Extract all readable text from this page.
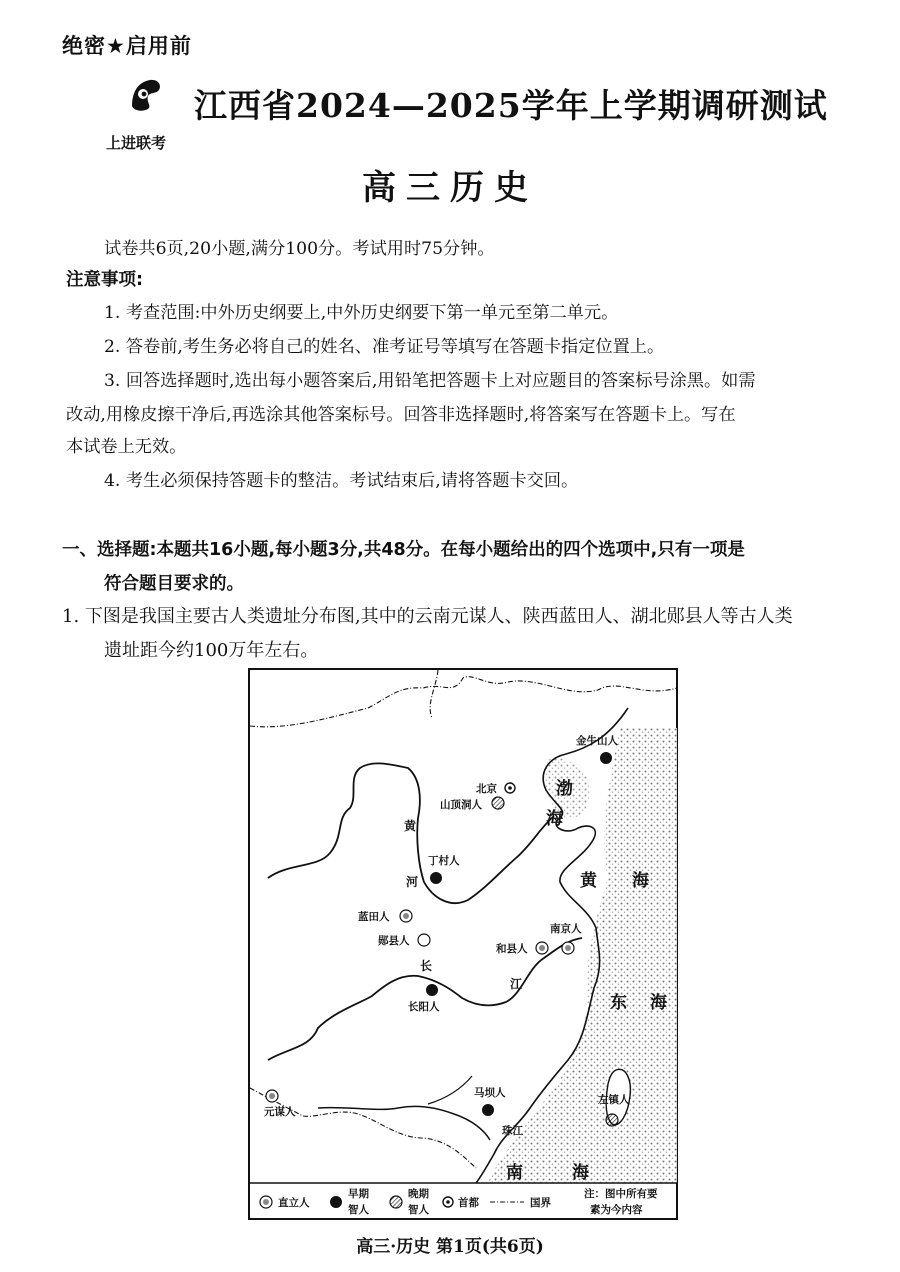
绝密★启用前
上进联考
江西省2024—2025学年上学期调研测试
高三历史
试卷共6页,20小题,满分100分。考试用时75分钟。
注意事项:
1. 考查范围:中外历史纲要上,中外历史纲要下第一单元至第二单元。
2. 答卷前,考生务必将自己的姓名、准考证号等填写在答题卡指定位置上。
3. 回答选择题时,选出每小题答案后,用铅笔把答题卡上对应题目的答案标号涂黑。如需
改动,用橡皮擦干净后,再选涂其他答案标号。回答非选择题时,将答案写在答题卡上。写在
本试卷上无效。
4. 考生必须保持答题卡的整洁。考试结束后,请将答题卡交回。
一、选择题:本题共16小题,每小题3分,共48分。在每小题给出的四个选项中,只有一项是
符合题目要求的。
1. 下图是我国主要古人类遗址分布图,其中的云南元谋人、陕西蓝田人、湖北郧县人等古人类
遗址距今约100万年左右。
金牛山人
北京
山顶洞人
丁村人
蓝田人
郧县人
和县人
南京人
长阳人
元谋人
马坝人
左镇人
黄
河
长
江
珠江
渤
海
黄 海
东 海
南	海
直立人
早期
智人
晚期
智人
首都	国界
注：图中所有要
素为今内容
高三·历史 第1页(共6页)
